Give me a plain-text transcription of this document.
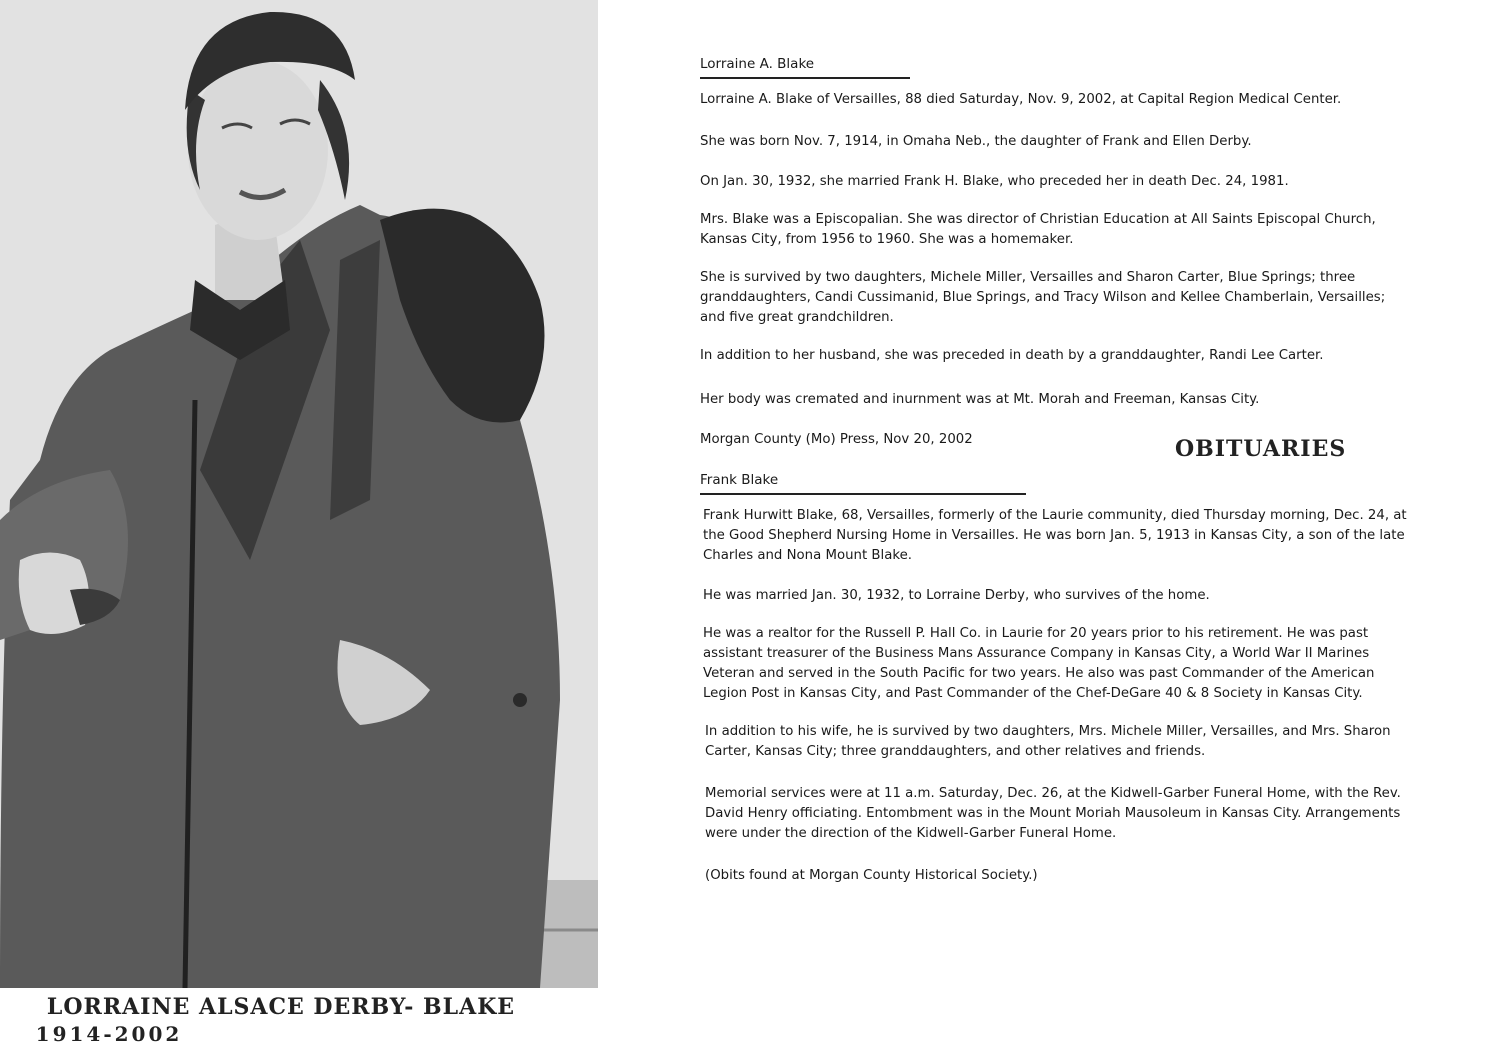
LORRAINE ALSACE DERBY- BLAKE
1914-2002
Lorraine A. Blake
Lorraine A. Blake of Versailles, 88 died Saturday, Nov. 9, 2002, at Capital Region Medical Center.
She was born Nov. 7, 1914, in Omaha Neb., the daughter of Frank and Ellen Derby.
On Jan. 30, 1932, she married Frank H. Blake, who preceded her in death Dec. 24, 1981.
Mrs. Blake was a Episcopalian. She was director of Christian Education at All Saints Episcopal Church,
Kansas City, from 1956 to 1960. She was a homemaker.
She is survived by two daughters, Michele Miller, Versailles and Sharon Carter, Blue Springs; three
granddaughters, Candi Cussimanid, Blue Springs, and Tracy Wilson and Kellee Chamberlain, Versailles;
and five great grandchildren.
In addition to her husband, she was preceded in death by a granddaughter, Randi Lee Carter.
Her body was cremated and inurnment was at Mt. Morah and Freeman, Kansas City.
Morgan County (Mo) Press, Nov 20, 2002	OBITUARIES
Frank Blake
Frank Hurwitt Blake, 68, Versailles, formerly of the Laurie community, died Thursday morning, Dec. 24, at
the Good Shepherd Nursing Home in Versailles. He was born Jan. 5, 1913 in Kansas City, a son of the late
Charles and Nona Mount Blake.
He was married Jan. 30, 1932, to Lorraine Derby, who survives of the home.
He was a realtor for the Russell P. Hall Co. in Laurie for 20 years prior to his retirement. He was past
assistant treasurer of the Business Mans Assurance Company in Kansas City, a World War II Marines
Veteran and served in the South Pacific for two years. He also was past Commander of the American
Legion Post in Kansas City, and Past Commander of the Chef-DeGare 40 & 8 Society in Kansas City.
In addition to his wife, he is survived by two daughters, Mrs. Michele Miller, Versailles, and Mrs. Sharon
Carter, Kansas City; three granddaughters, and other relatives and friends.
Memorial services were at 11 a.m. Saturday, Dec. 26, at the Kidwell-Garber Funeral Home, with the Rev.
David Henry officiating. Entombment was in the Mount Moriah Mausoleum in Kansas City. Arrangements
were under the direction of the Kidwell-Garber Funeral Home.
(Obits found at Morgan County Historical Society.)
